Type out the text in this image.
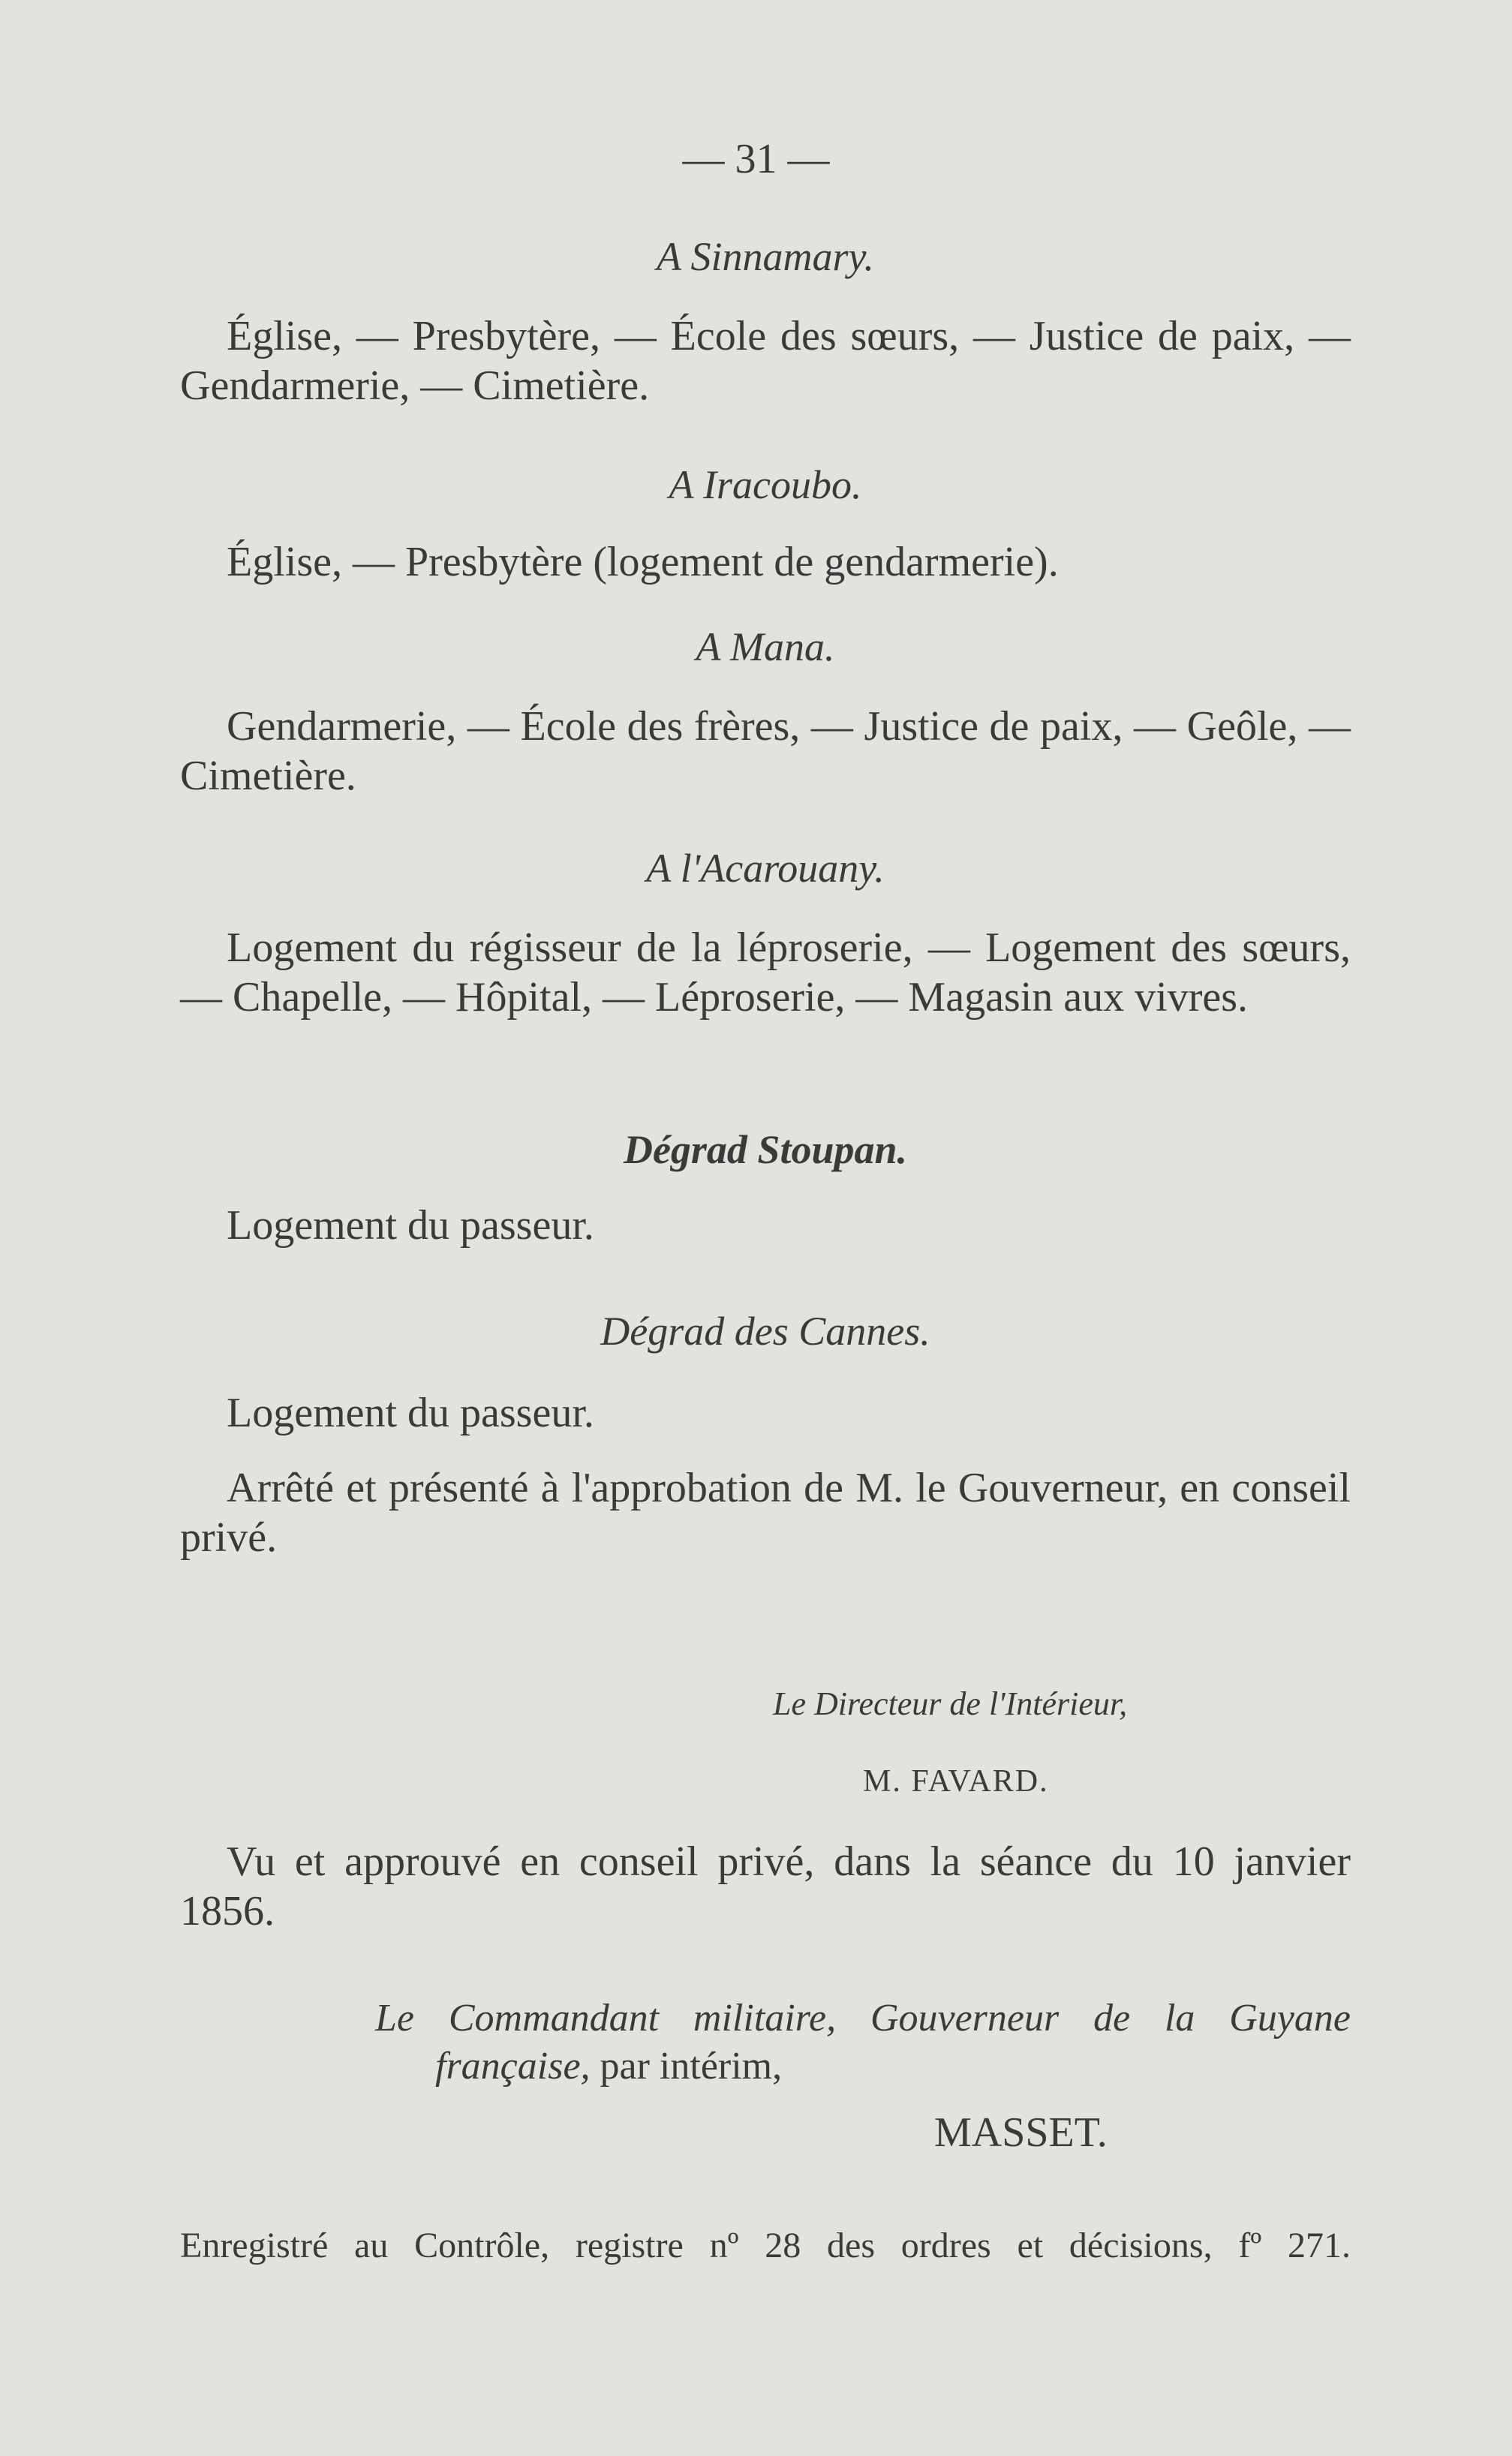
— 31 —
A Sinnamary.

Église, — Presbytère, — École des sœurs, — Justice de paix, — Gendarmerie, — Cimetière.

A Iracoubo.

Église, — Presbytère (logement de gendarmerie).

A Mana.

Gendarmerie, — École des frères, — Justice de paix, — Geôle, — Cimetière.

A l'Acarouany.

Logement du régisseur de la léproserie, — Logement des sœurs, — Chapelle, — Hôpital, — Léproserie, — Magasin aux vivres.

Dégrad Stoupan.

Logement du passeur.

Dégrad des Cannes.

Logement du passeur.

Arrêté et présenté à l'approbation de M. le Gouverneur, en conseil privé.

Le Directeur de l'Intérieur,
M. FAVARD.

Vu et approuvé en conseil privé, dans la séance du 10 janvier 1856.

Le Commandant militaire, Gouverneur de la Guyane
française, par intérim,
MASSET.
Enregistré au Contrôle, registre nº 28 des ordres et décisions, fº 271.
